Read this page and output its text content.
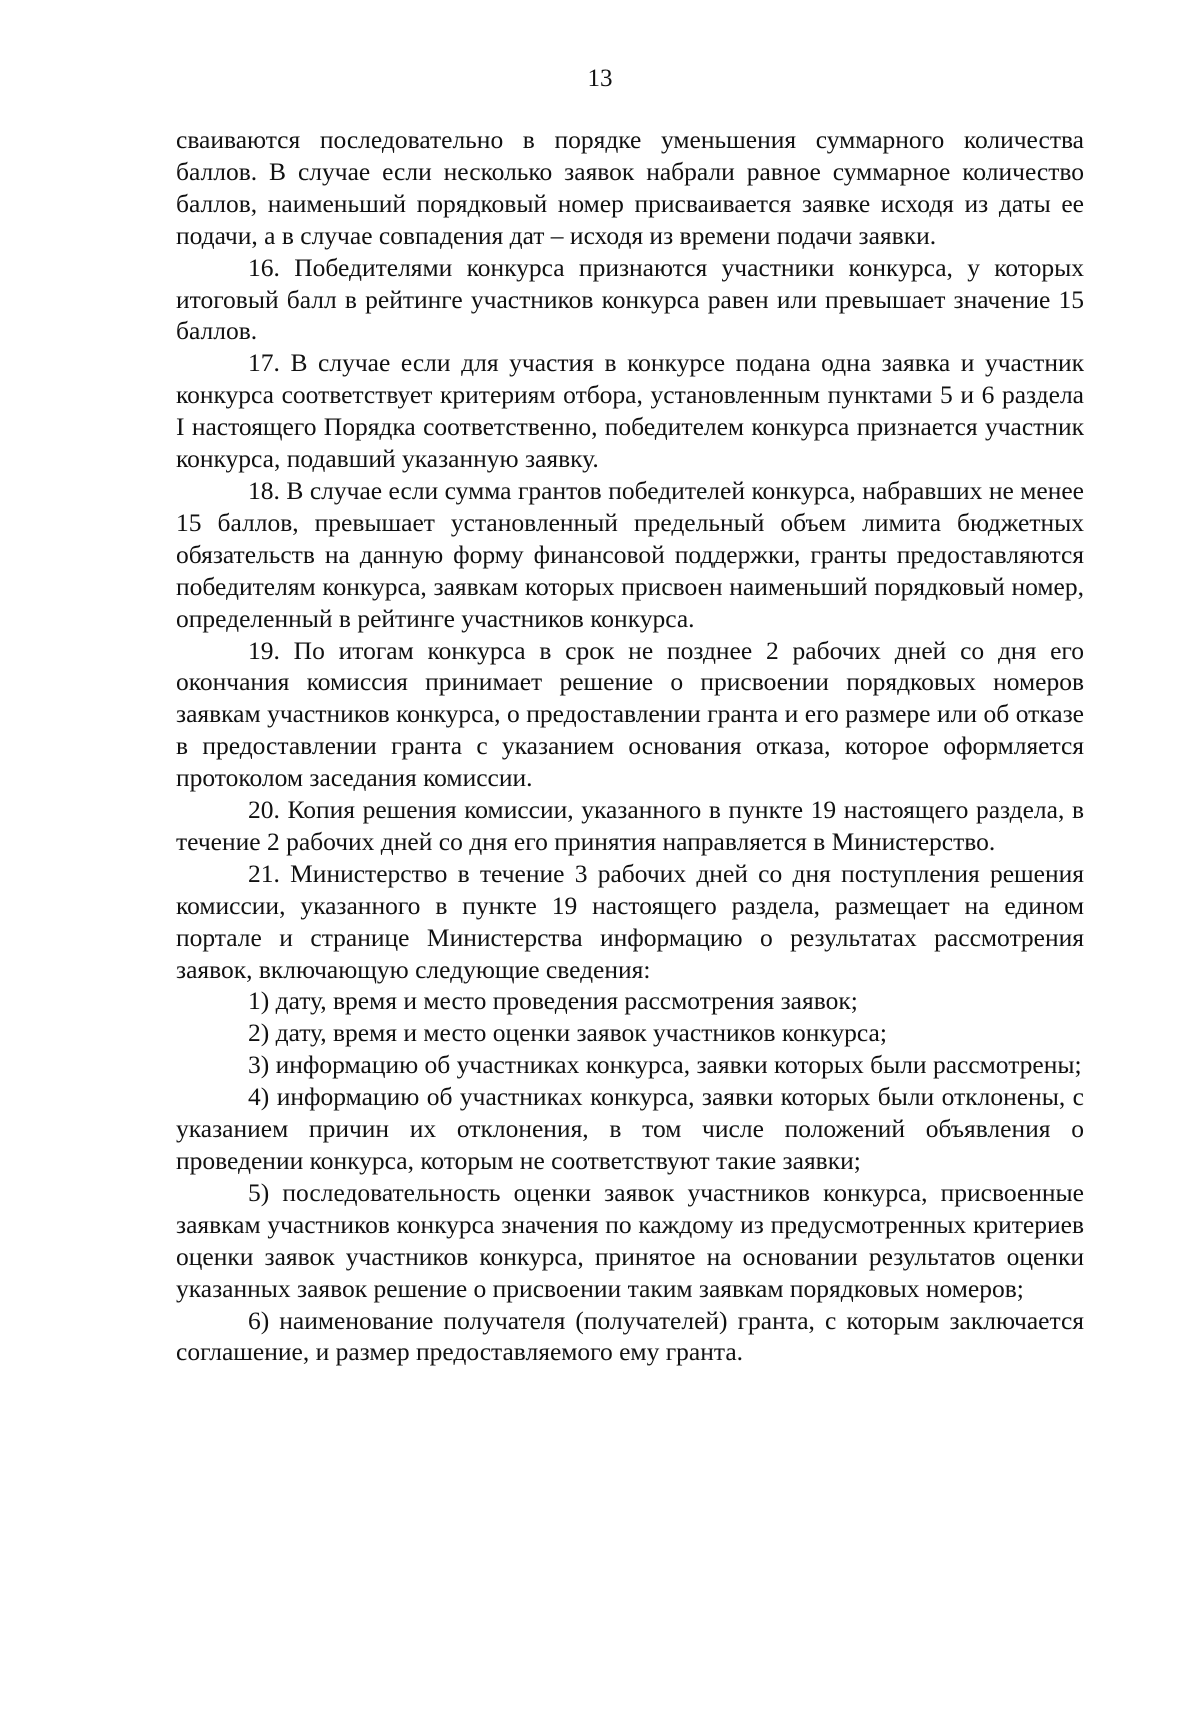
13

сваиваются последовательно в порядке уменьшения суммарного количества баллов. В случае если несколько заявок набрали равное суммарное количество баллов, наименьший порядковый номер присваивается заявке исходя из даты ее подачи, а в случае совпадения дат – исходя из времени подачи заявки.

16. Победителями конкурса признаются участники конкурса, у которых итоговый балл в рейтинге участников конкурса равен или превышает значение 15 баллов.

17. В случае если для участия в конкурсе подана одна заявка и участник конкурса соответствует критериям отбора, установленным пунктами 5 и 6 раздела I настоящего Порядка соответственно, победителем конкурса признается участник конкурса, подавший указанную заявку.

18. В случае если сумма грантов победителей конкурса, набравших не менее 15 баллов, превышает установленный предельный объем лимита бюджетных обязательств на данную форму финансовой поддержки, гранты предоставляются победителям конкурса, заявкам которых присвоен наименьший порядковый номер, определенный в рейтинге участников конкурса.

19. По итогам конкурса в срок не позднее 2 рабочих дней со дня его окончания комиссия принимает решение о присвоении порядковых номеров заявкам участников конкурса, о предоставлении гранта и его размере или об отказе в предоставлении гранта с указанием основания отказа, которое оформляется протоколом заседания комиссии.

20. Копия решения комиссии, указанного в пункте 19 настоящего раздела, в течение 2 рабочих дней со дня его принятия направляется в Министерство.

21. Министерство в течение 3 рабочих дней со дня поступления решения комиссии, указанного в пункте 19 настоящего раздела, размещает на едином портале и странице Министерства информацию о результатах рассмотрения заявок, включающую следующие сведения:

1) дату, время и место проведения рассмотрения заявок;

2) дату, время и место оценки заявок участников конкурса;

3) информацию об участниках конкурса, заявки которых были рассмотрены;

4) информацию об участниках конкурса, заявки которых были отклонены, с указанием причин их отклонения, в том числе положений объявления о проведении конкурса, которым не соответствуют такие заявки;

5) последовательность оценки заявок участников конкурса, присвоенные заявкам участников конкурса значения по каждому из предусмотренных критериев оценки заявок участников конкурса, принятое на основании результатов оценки указанных заявок решение о присвоении таким заявкам порядковых номеров;

6) наименование получателя (получателей) гранта, с которым заключается соглашение, и размер предоставляемого ему гранта.
